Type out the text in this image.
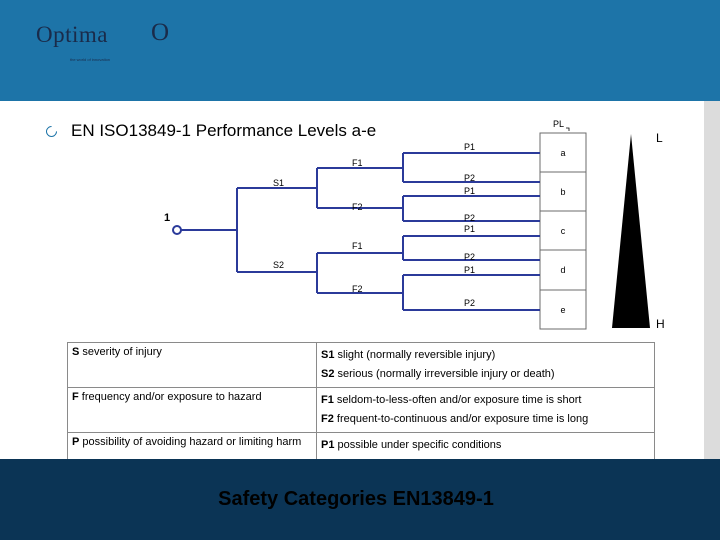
Optima
the world of innovation
O
EN ISO13849-1 Performance Levels a-e	PL
a
b
c
d
e
L
H
1
S1
S2
F1
F2
F1
F2
P1
P2
P1
P2
P1
P2
P1
P2
S severity of injury	S1 slight (normally reversible injury)
S2 serious (normally irreversible injury or death)

F frequency and/or exposure to hazard	F1 seldom-to-less-often and/or exposure time is short
F2 frequent-to-continuous and/or exposure time is long

P possibility of avoiding hazard or limiting harm	P1 possible under specific conditions
Safety Categories EN13849-1
